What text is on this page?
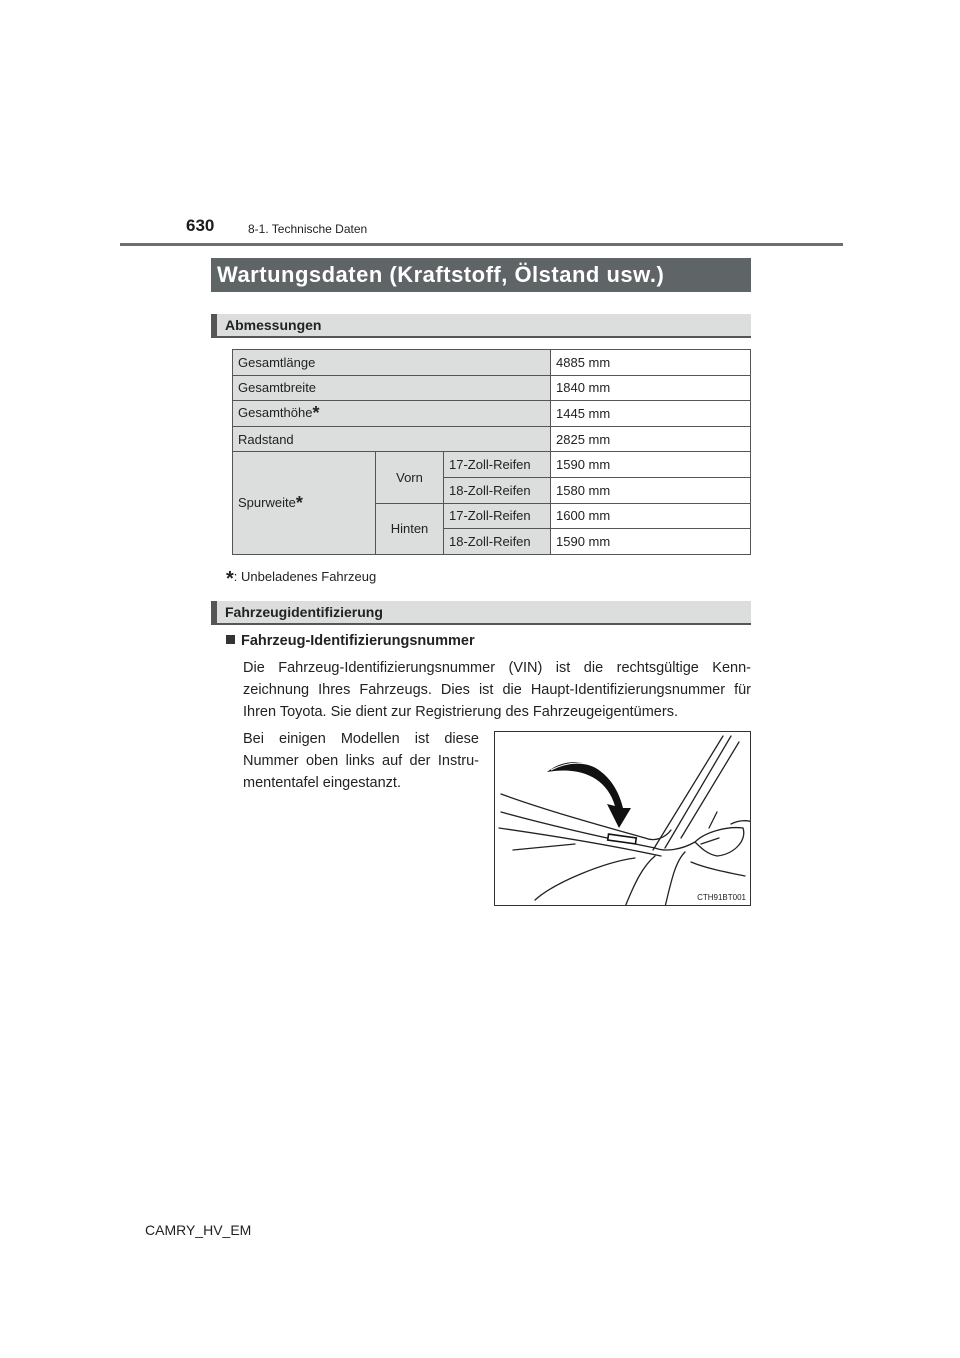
630	8-1. Technische Daten
Wartungsdaten (Kraftstoff, Ölstand usw.)
Abmessungen
Gesamtlänge			4885 mm
Gesamtbreite			1840 mm
Gesamthöhe*			1445 mm
Radstand			2825 mm
Spurweite*	Vorn	17-Zoll-Reifen	1590 mm
		18-Zoll-Reifen	1580 mm
	Hinten	17-Zoll-Reifen	1600 mm
		18-Zoll-Reifen	1590 mm
*: Unbeladenes Fahrzeug
Fahrzeugidentifizierung
Fahrzeug-Identifizierungsnummer
Die Fahrzeug-Identifizierungsnummer (VIN) ist die rechtsgültige Kenn-zeichnung Ihres Fahrzeugs. Dies ist die Haupt-Identifizierungsnummer für Ihren Toyota. Sie dient zur Registrierung des Fahrzeugeigentümers.
Bei einigen Modellen ist diese Nummer oben links auf der Instru-mententafel eingestanzt.
CTH91BT001
CAMRY_HV_EM
